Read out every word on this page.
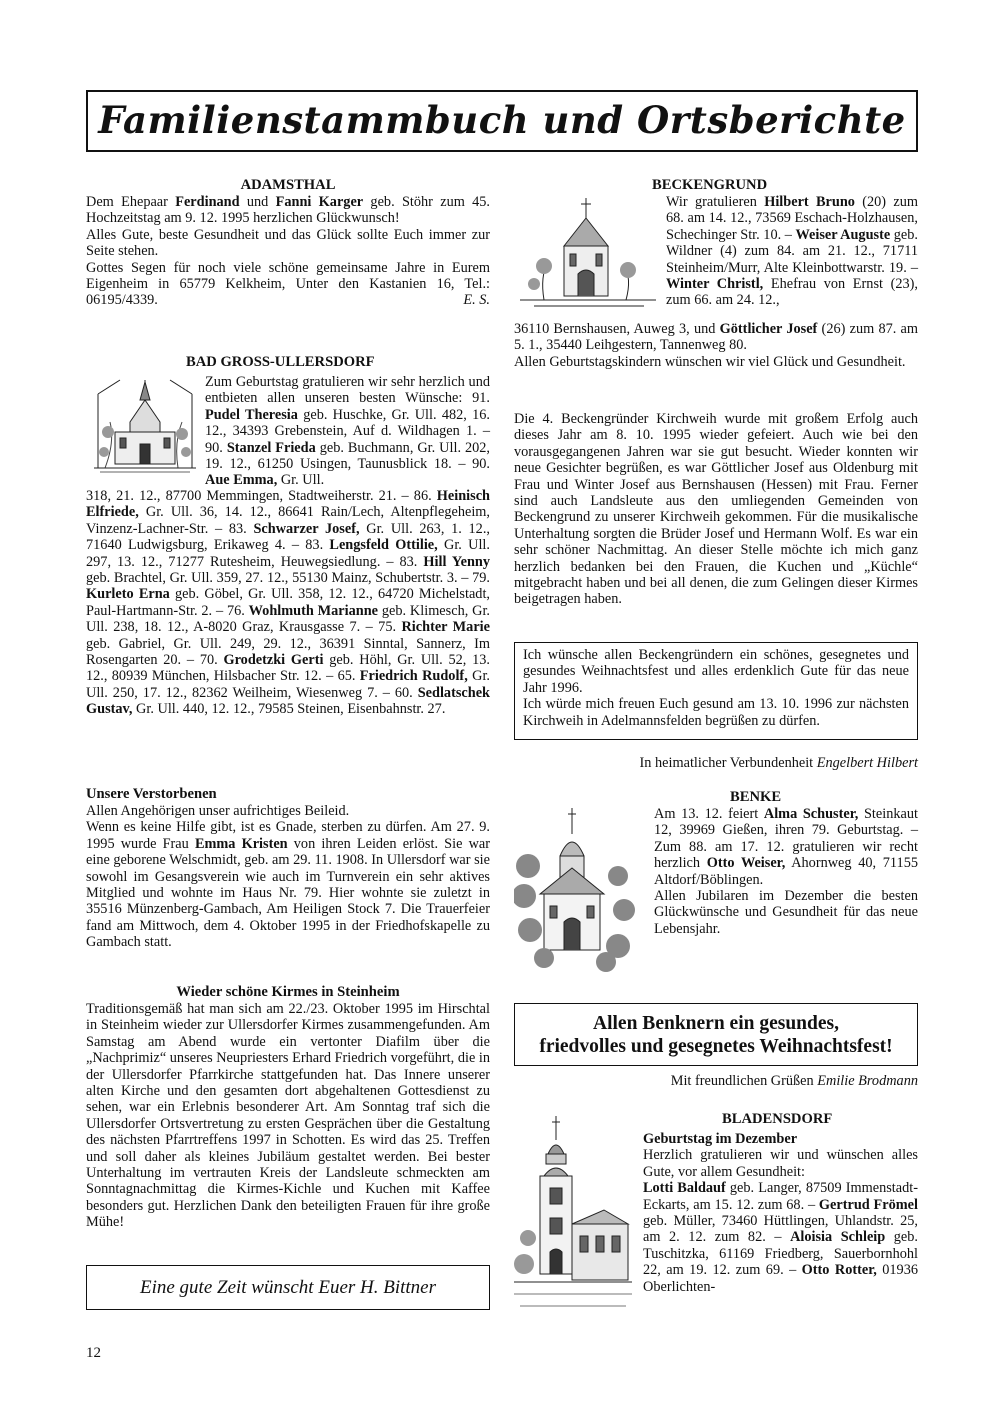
Familienstammbuch und Ortsberichte
ADAMSTHAL
Dem Ehepaar Ferdinand und Fanni Karger geb. Stöhr zum 45. Hochzeitstag am 9. 12. 1995 herzlichen Glückwunsch!
Alles Gute, beste Gesundheit und das Glück sollte Euch immer zur Seite stehen.
Gottes Segen für noch viele schöne gemeinsame Jahre in Eurem Eigenheim in 65779 Kelkheim, Unter den Kastanien 16, Tel.: 06195/4339.	E. S.
BAD GROSS-ULLERSDORF
Zum Geburtstag gratulieren wir sehr herzlich und entbieten allen unseren besten Wünsche: 91. Pudel Theresia geb. Huschke, Gr. Ull. 482, 16. 12., 34393 Grebenstein, Auf d. Wildhagen 1. – 90. Stanzel Frieda geb. Buchmann, Gr. Ull. 202, 19. 12., 61250 Usingen, Taunusblick 18. – 90. Aue Emma, Gr. Ull.
318, 21. 12., 87700 Memmingen, Stadtweiherstr. 21. – 86. Heinisch Elfriede, Gr. Ull. 36, 14. 12., 86641 Rain/Lech, Altenpflegeheim, Vinzenz-Lachner-Str. – 83. Schwarzer Josef, Gr. Ull. 263, 1. 12., 71640 Ludwigsburg, Erikaweg 4. – 83. Lengsfeld Ottilie, Gr. Ull. 297, 13. 12., 71277 Rutesheim, Heuwegsiedlung. – 83. Hill Yenny geb. Brachtel, Gr. Ull. 359, 27. 12., 55130 Mainz, Schubertstr. 3. – 79. Kurleto Erna geb. Göbel, Gr. Ull. 358, 12. 12., 64720 Michelstadt, Paul-Hartmann-Str. 2. – 76. Wohlmuth Marianne geb. Klimesch, Gr. Ull. 238, 18. 12., A-8020 Graz, Krausgasse 7. – 75. Richter Marie geb. Gabriel, Gr. Ull. 249, 29. 12., 36391 Sinntal, Sannerz, Im Rosengarten 20. – 70. Grodetzki Gerti geb. Höhl, Gr. Ull. 52, 13. 12., 80939 München, Hilsbacher Str. 12. – 65. Friedrich Rudolf, Gr. Ull. 250, 17. 12., 82362 Weilheim, Wiesenweg 7. – 60. Sedlatschek Gustav, Gr. Ull. 440, 12. 12., 79585 Steinen, Eisenbahnstr. 27.
Unsere Verstorbenen
Allen Angehörigen unser aufrichtiges Beileid.
Wenn es keine Hilfe gibt, ist es Gnade, sterben zu dürfen. Am 27. 9. 1995 wurde Frau Emma Kristen von ihren Leiden erlöst. Sie war eine geborene Welschmidt, geb. am 29. 11. 1908. In Ullersdorf war sie sowohl im Gesangsverein wie auch im Turnverein ein sehr aktives Mitglied und wohnte im Haus Nr. 79. Hier wohnte sie zuletzt in 35516 Münzenberg-Gambach, Am Heiligen Stock 7. Die Trauerfeier fand am Mittwoch, dem 4. Oktober 1995 in der Friedhofskapelle zu Gambach statt.
Wieder schöne Kirmes in Steinheim
Traditionsgemäß hat man sich am 22./23. Oktober 1995 im Hirschtal in Steinheim wieder zur Ullersdorfer Kirmes zusammengefunden. Am Samstag am Abend wurde ein vertonter Diafilm über die „Nachprimiz“ unseres Neupriesters Erhard Friedrich vorgeführt, die in der Ullersdorfer Pfarrkirche stattgefunden hat. Das Innere unserer alten Kirche und den gesamten dort abgehaltenen Gottesdienst zu sehen, war ein Erlebnis besonderer Art. Am Sonntag traf sich die Ullersdorfer Ortsvertretung zu ersten Gesprächen über die Gestaltung des nächsten Pfarrtreffens 1997 in Schotten. Es wird das 25. Treffen und soll daher als kleines Jubiläum gestaltet werden. Bei bester Unterhaltung im vertrauten Kreis der Landsleute schmeckten am Sonntagnachmittag die Kirmes-Kichle und Kuchen mit Kaffee besonders gut. Herzlichen Dank den beteiligten Frauen für ihre große Mühe!
Eine gute Zeit wünscht Euer H. Bittner
12
BECKENGRUND
Wir gratulieren Hilbert Bruno (20) zum 68. am 14. 12., 73569 Eschach-Holzhausen, Schechinger Str. 10. – Weiser Auguste geb. Wildner (4) zum 84. am 21. 12., 71711 Steinheim/Murr, Alte Kleinbottwarstr. 19. – Winter Christl, Ehefrau von Ernst (23), zum 66. am 24. 12.,
36110 Bernshausen, Auweg 3, und Göttlicher Josef (26) zum 87. am 5. 1., 35440 Leihgestern, Tannenweg 80.
Allen Geburtstagskindern wünschen wir viel Glück und Gesundheit.
Die 4. Beckengründer Kirchweih wurde mit großem Erfolg auch dieses Jahr am 8. 10. 1995 wieder gefeiert. Auch wie bei den vorausgegangenen Jahren war sie gut besucht. Wieder konnten wir neue Gesichter begrüßen, es war Göttlicher Josef aus Oldenburg mit Frau und Winter Josef aus Bernshausen (Hessen) mit Frau. Ferner sind auch Landsleute aus den umliegenden Gemeinden von Beckengrund zu unserer Kirchweih gekommen. Für die musikalische Unterhaltung sorgten die Brüder Josef und Hermann Wolf. Es war ein sehr schöner Nachmittag. An dieser Stelle möchte ich mich ganz herzlich bedanken bei den Frauen, die Kuchen und „Küchle“ mitgebracht haben und bei all denen, die zum Gelingen dieser Kirmes beigetragen haben.
Ich wünsche allen Beckengründern ein schönes, gesegnetes und gesundes Weihnachtsfest und alles erdenklich Gute für das neue Jahr 1996.
Ich würde mich freuen Euch gesund am 13. 10. 1996 zur nächsten Kirchweih in Adelmannsfelden begrüßen zu dürfen.
In heimatlicher Verbundenheit Engelbert Hilbert
BENKE
Am 13. 12. feiert Alma Schuster, Steinkaut 12, 39969 Gießen, ihren 79. Geburtstag. – Zum 88. am 17. 12. gratulieren wir recht herzlich Otto Weiser, Ahornweg 40, 71155 Altdorf/Böblingen.
Allen Jubilaren im Dezember die besten Glückwünsche und Gesundheit für das neue Lebensjahr.
Allen Benknern ein gesundes,
friedvolles und gesegnetes Weihnachtsfest!
Mit freundlichen Grüßen Emilie Brodmann
BLADENSDORF
Geburtstag im Dezember
Herzlich gratulieren wir und wünschen alles Gute, vor allem Gesundheit:
Lotti Baldauf geb. Langer, 87509 Immenstadt-Eckarts, am 15. 12. zum 68. – Gertrud Frömel geb. Müller, 73460 Hüttlingen, Uhlandstr. 25, am 2. 12. zum 82. – Aloisia Schleip geb. Tuschitzka, 61169 Friedberg, Sauerbornhohl 22, am 19. 12. zum 69. – Otto Rotter, 01936 Oberlichten-
